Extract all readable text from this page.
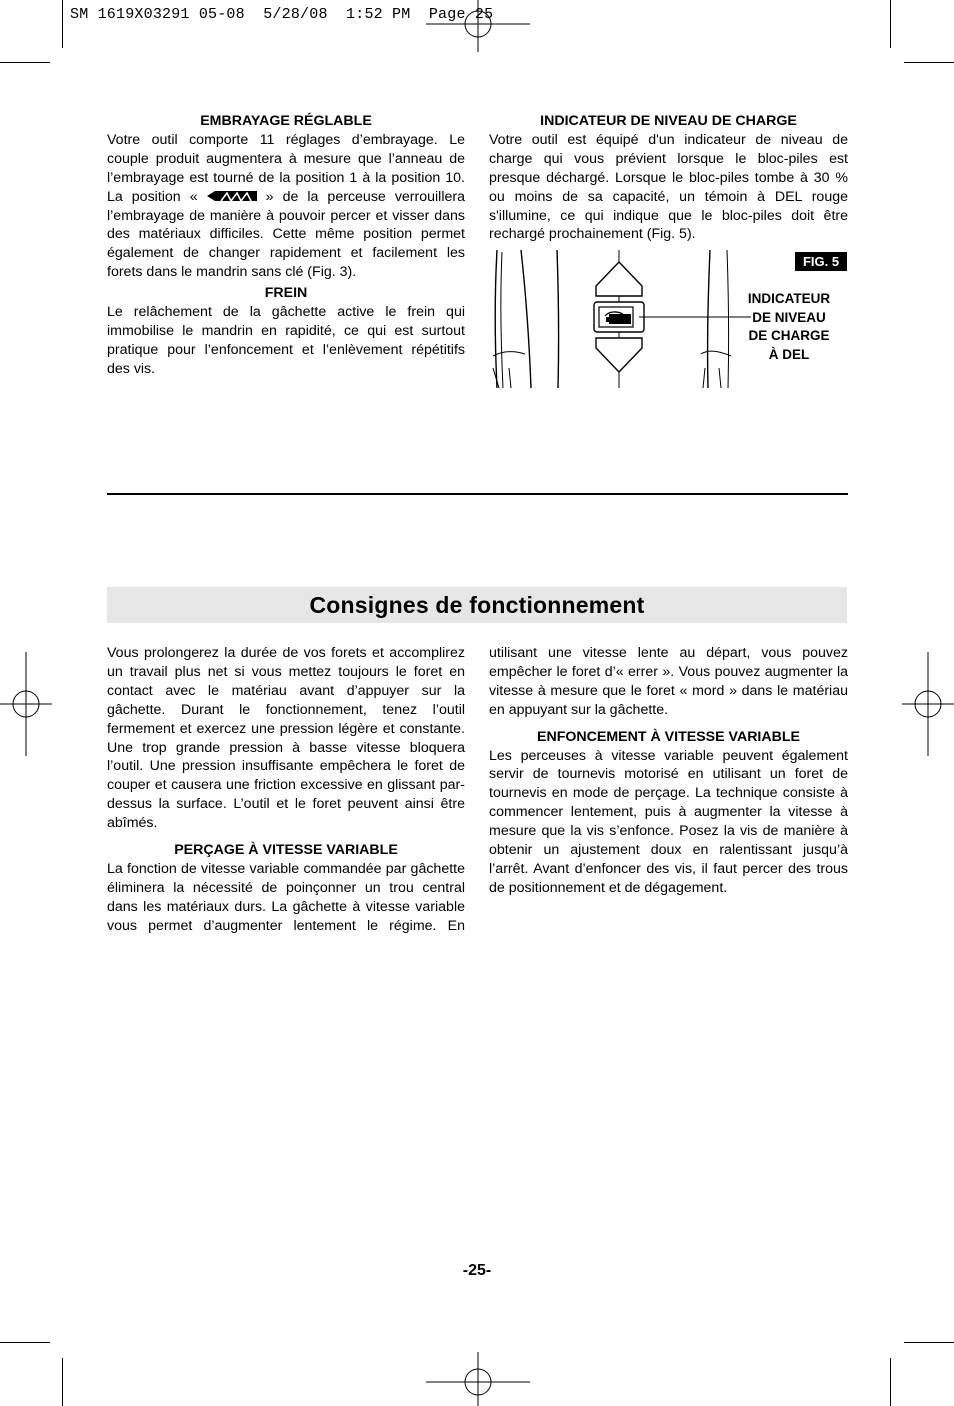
SM 1619X03291 05-08  5/28/08  1:52 PM  Page 25

EMBRAYAGE RÉGLABLE

Votre outil comporte 11 réglages d’embrayage. Le couple produit augmentera à mesure que l’anneau de l’embrayage est tourné de la position 1 à la position 10. La position «	» de la perceuse verrouillera l’embrayage de manière à pouvoir percer et visser dans des matériaux difficiles. Cette même position permet également de changer rapidement et facilement les forets dans le mandrin sans clé (Fig. 3).

FREIN

Le relâchement de la gâchette active le frein qui immobilise le mandrin en rapidité, ce qui est surtout pratique pour l’enfoncement et l’enlèvement répétitifs des vis.

INDICATEUR DE NIVEAU DE CHARGE

Votre outil est équipé d'un indicateur de niveau de charge qui vous prévient lorsque le bloc-piles est presque déchargé. Lorsque le bloc-piles tombe à 30 % ou moins de sa capacité, un témoin à DEL rouge s'illumine, ce qui indique que le bloc-piles doit être rechargé prochainement (Fig. 5).

FIG. 5
INDICATEUR
DE NIVEAU
DE CHARGE
À DEL
Consignes de fonctionnement

Vous prolongerez la durée de vos forets et accomplirez un travail plus net si vous mettez toujours le foret en contact avec le matériau avant d’appuyer sur la gâchette. Durant le fonctionnement, tenez l’outil fermement et exercez une pression légère et constante. Une trop grande pression à basse vitesse bloquera l’outil. Une pression insuffisante empêchera le foret de couper et causera une friction excessive en glissant par-dessus la surface. L’outil et le foret peuvent ainsi être abîmés.

PERÇAGE À VITESSE VARIABLE

La fonction de vitesse variable commandée par gâchette éliminera la nécessité de poinçonner un trou central dans les matériaux durs. La gâchette à vitesse variable vous permet d’augmenter lentement le régime. En

utilisant une vitesse lente au départ, vous pouvez empêcher le foret d’« errer ». Vous pouvez augmenter la vitesse à mesure que le foret « mord » dans le matériau en appuyant sur la gâchette.

ENFONCEMENT À VITESSE VARIABLE

Les perceuses à vitesse variable peuvent également servir de tournevis motorisé en utilisant un foret de tournevis en mode de perçage. La technique consiste à commencer lentement, puis à augmenter la vitesse à mesure que la vis s’enfonce. Posez la vis de manière à obtenir un ajustement doux en ralentissant jusqu’à l’arrêt. Avant d’enfoncer des vis, il faut percer des trous de positionnement et de dégagement.

-25-
